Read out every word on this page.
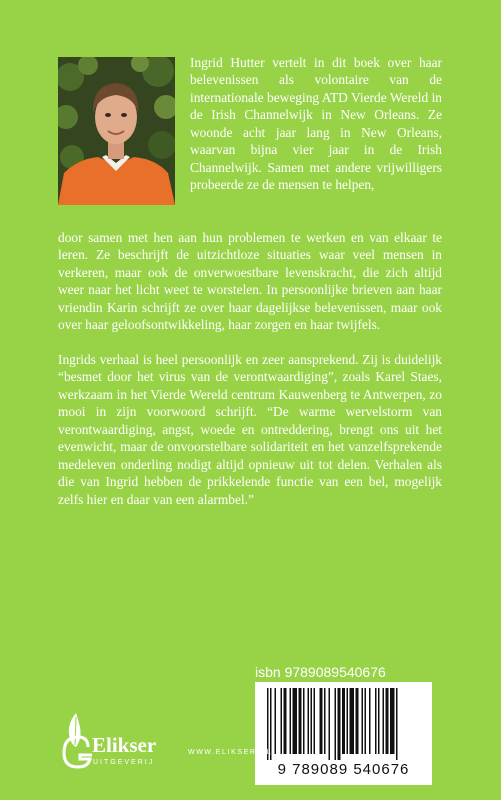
Ingrid Hutter vertelt in dit boek over haar belevenissen als volontaire van de internationale beweging ATD Vierde Wereld in de Irish Channelwijk in New Orleans. Ze woonde acht jaar lang in New Orleans, waarvan bijna vier jaar in de Irish Channelwijk. Samen met andere vrijwilligers probeerde ze de mensen te helpen,

door samen met hen aan hun problemen te werken en van elkaar te leren. Ze beschrijft de uitzichtloze situaties waar veel mensen in verkeren, maar ook de onverwoestbare levenskracht, die zich altijd weer naar het licht weet te worstelen. In persoonlijke brieven aan haar vriendin Karin schrijft ze over haar dagelijkse belevenissen, maar ook over haar geloofsontwikkeling, haar zorgen en haar twijfels.

Ingrids verhaal is heel persoonlijk en zeer aansprekend. Zij is duidelijk “besmet door het virus van de verontwaardiging”, zoals Karel Staes, werkzaam in het Vierde Wereld centrum Kauwenberg te Antwerpen, zo mooi in zijn voorwoord schrijft. “De warme wervelstorm van verontwaardiging, angst, woede en ontreddering, brengt ons uit het evenwicht, maar de onvoorstelbare solidariteit en het vanzelfsprekende medeleven onderling nodigt altijd opnieuw uit tot delen. Verhalen als die van Ingrid hebben de prikkelende functie van een bel, mogelijk zelfs hier en daar van een alarmbel.”

isbn 9789089540676
9 789089 540676
Elikser
UITGEVERIJ
WWW.ELIKSER.NL
